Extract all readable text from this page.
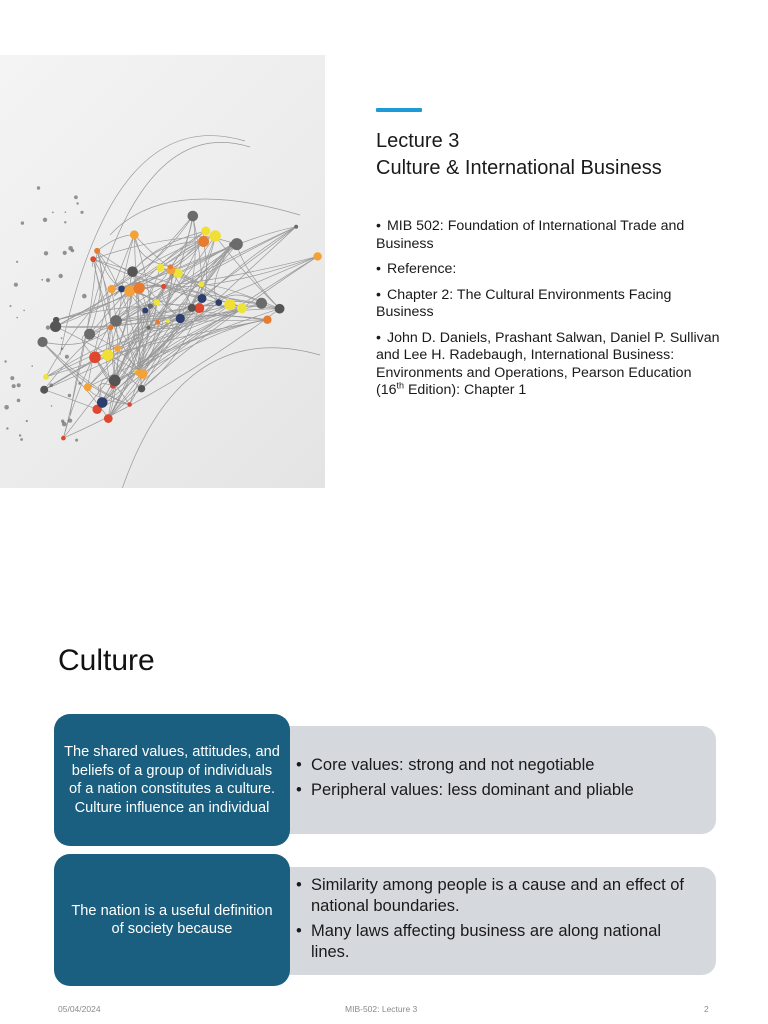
Lecture 3
Culture & International Business
• MIB 502: Foundation of International Trade and Business
• Reference:
• Chapter 2: The Cultural Environments Facing Business
• John D. Daniels, Prashant Salwan, Daniel P. Sullivan and Lee H. Radebaugh, International Business: Environments and Operations, Pearson Education (16th Edition): Chapter 1
Culture
• Core values: strong and not negotiable
• Peripheral values: less dominant and pliable
The shared values, attitudes, and beliefs of a group of individuals of a nation constitutes a culture. Culture influence an individual
• Similarity among people is a cause and an effect of national boundaries.
• Many laws affecting business are along national lines.
The nation is a useful definition of society because
05/04/2024	MIB-502: Lecture 3	2
